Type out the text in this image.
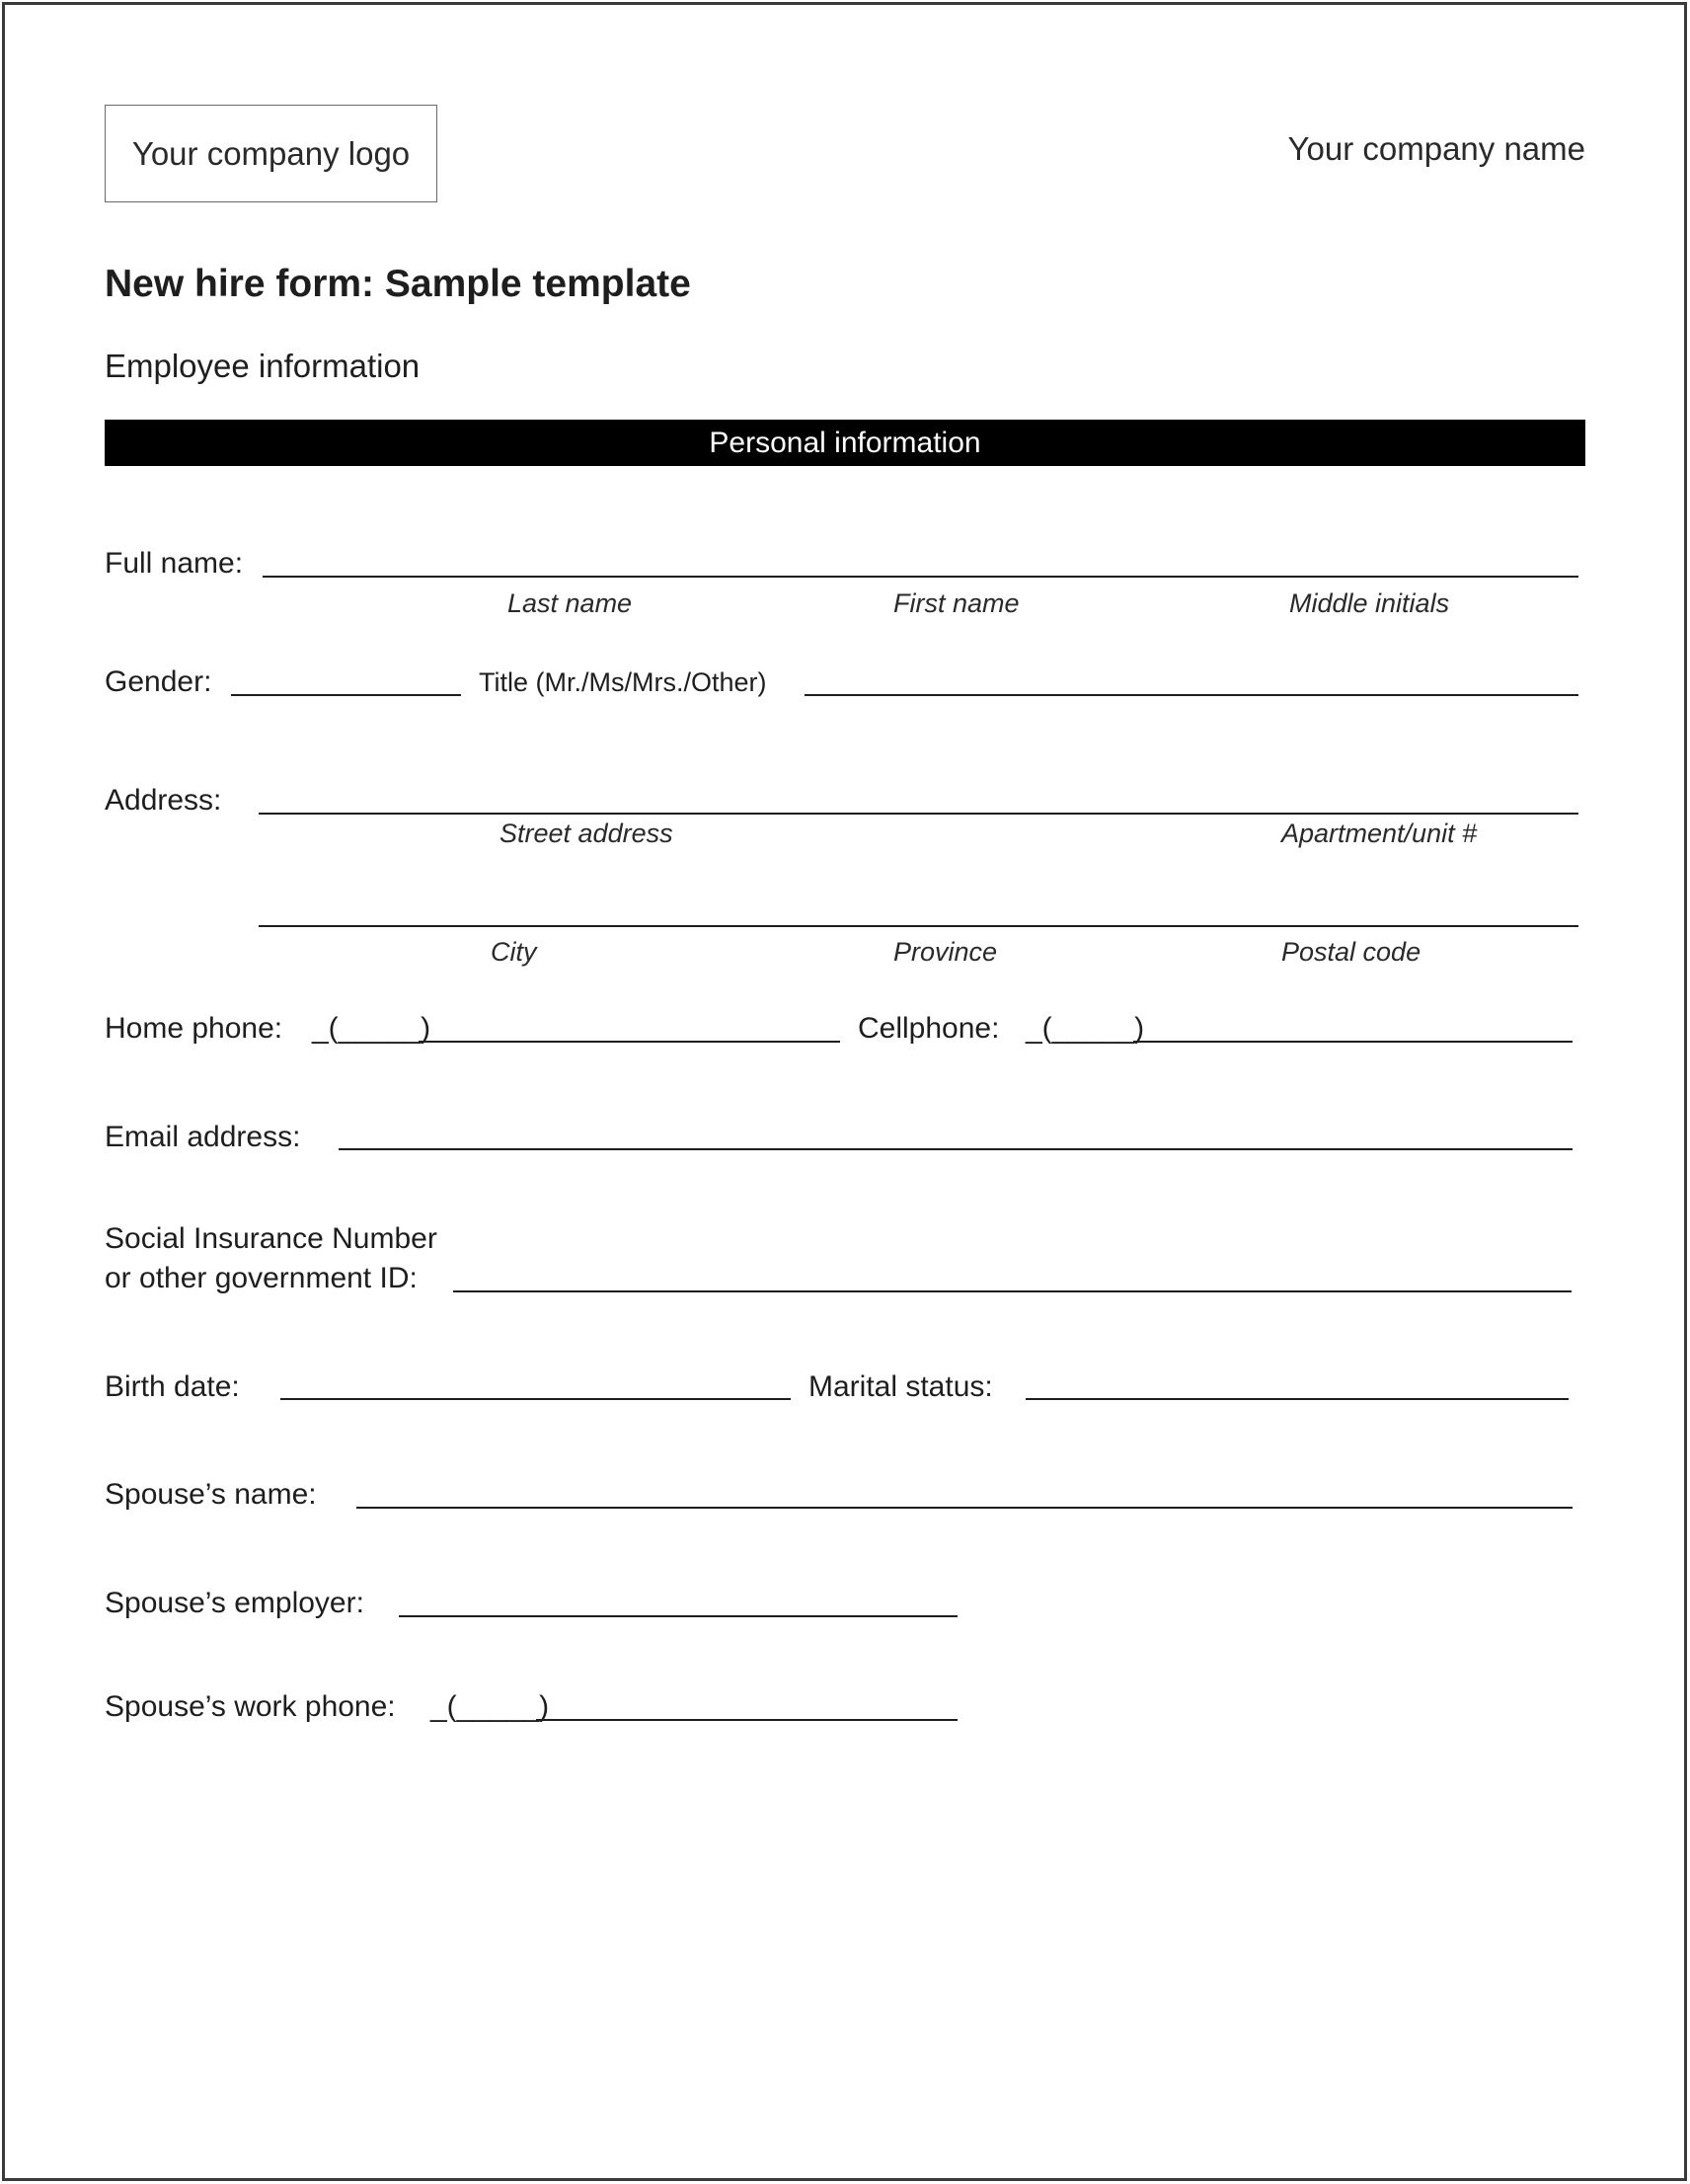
Your company logo	Your company name
New hire form: Sample template
Employee information
Personal information
Full name:
Last name	First name	Middle initials
Gender:	Title (Mr./Ms/Mrs./Other)
Address:
Street address	Apartment/unit #
City	Province	Postal code
Home phone: _(_____)	Cellphone: _(_____)
Email address:
Social Insurance Number
or other government ID:
Birth date:	Marital status:
Spouse’s name:
Spouse’s employer:
Spouse’s work phone: _(_____)
